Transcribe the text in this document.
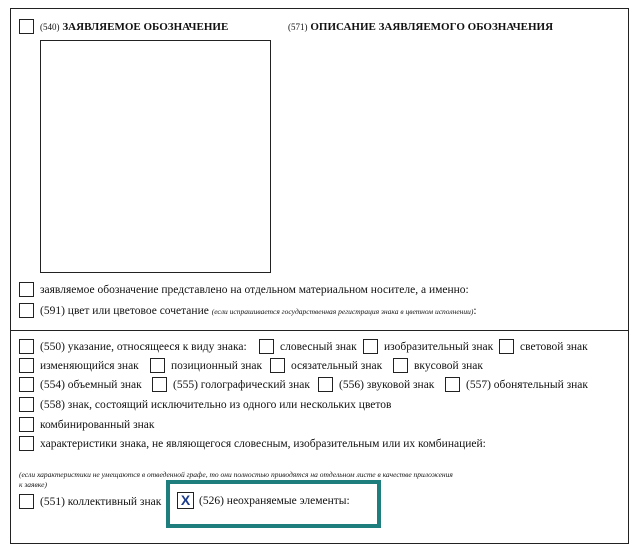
(540) ЗАЯВЛЯЕМОЕ ОБОЗНАЧЕНИЕ	(571) ОПИСАНИЕ ЗАЯВЛЯЕМОГО ОБОЗНАЧЕНИЯ
заявляемое обозначение представлено на отдельном материальном носителе, а именно:
(591) цвет или цветовое сочетание (если испрашивается государственная регистрация знака в цветном исполнении):
(550) указание, относящееся к виду знака:	словесный знак изобразительный знак световой знак
изменяющийся знак	позиционный знак	осязательный знак	вкусовой знак
(554) объемный знак	(555) голографический знак	(556) звуковой знак	(557) обонятельный знак
(558) знак, состоящий исключительно из одного или нескольких цветов
комбинированный знак
характеристики знака, не являющегося словесным, изобразительным или их комбинацией:
(если характеристики не умещаются в отведенной графе, то они полностью приводятся на отдельном листе в качестве приложения
к заявке)
(551) коллективный знак	X (526) неохраняемые элементы:
